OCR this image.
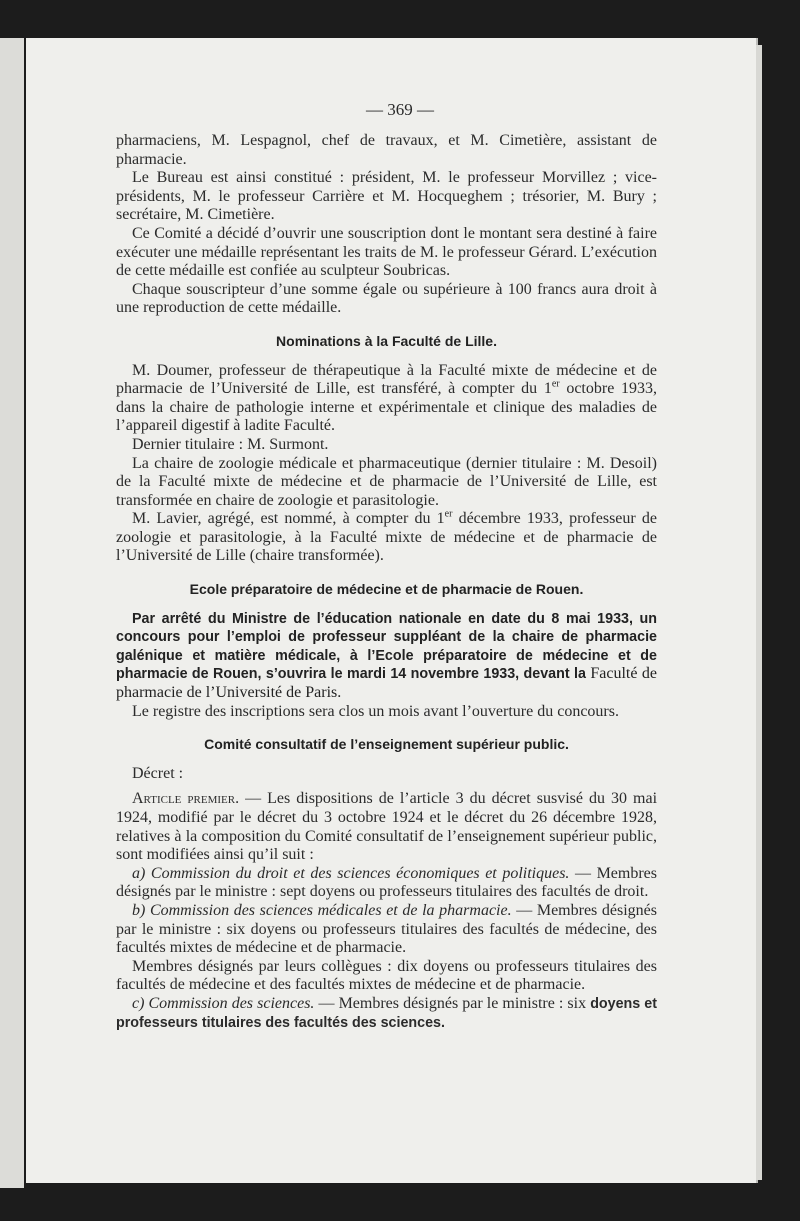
— 369 —

pharmaciens, M. Lespagnol, chef de travaux, et M. Cimetière, assistant de pharmacie.

Le Bureau est ainsi constitué : président, M. le professeur Morvillez ; vice-présidents, M. le professeur Carrière et M. Hocqueghem ; trésorier, M. Bury ; secrétaire, M. Cimetière.

Ce Comité a décidé d’ouvrir une souscription dont le montant sera destiné à faire exécuter une médaille représentant les traits de M. le professeur Gérard. L’exécution de cette médaille est confiée au sculpteur Soubricas.

Chaque souscripteur d’une somme égale ou supérieure à 100 francs aura droit à une reproduction de cette médaille.

Nominations à la Faculté de Lille.

M. Doumer, professeur de thérapeutique à la Faculté mixte de médecine et de pharmacie de l’Université de Lille, est transféré, à compter du 1er octobre 1933, dans la chaire de pathologie interne et expérimentale et clinique des maladies de l’appareil digestif à ladite Faculté.

Dernier titulaire : M. Surmont.

La chaire de zoologie médicale et pharmaceutique (dernier titulaire : M. Desoil) de la Faculté mixte de médecine et de pharmacie de l’Université de Lille, est transformée en chaire de zoologie et parasitologie.

M. Lavier, agrégé, est nommé, à compter du 1er décembre 1933, professeur de zoologie et parasitologie, à la Faculté mixte de médecine et de pharmacie de l’Université de Lille (chaire transformée).

Ecole préparatoire de médecine et de pharmacie de Rouen.

Par arrêté du Ministre de l’éducation nationale en date du 8 mai 1933, un concours pour l’emploi de professeur suppléant de la chaire de pharmacie galénique et matière médicale, à l’Ecole préparatoire de médecine et de pharmacie de Rouen, s’ouvrira le mardi 14 novembre 1933, devant la Faculté de pharmacie de l’Université de Paris.

Le registre des inscriptions sera clos un mois avant l’ouverture du concours.

Comité consultatif de l’enseignement supérieur public.

Décret :

Article premier. — Les dispositions de l’article 3 du décret susvisé du 30 mai 1924, modifié par le décret du 3 octobre 1924 et le décret du 26 décembre 1928, relatives à la composition du Comité consultatif de l’enseignement supérieur public, sont modifiées ainsi qu’il suit :

a) Commission du droit et des sciences économiques et politiques. — Membres désignés par le ministre : sept doyens ou professeurs titulaires des facultés de droit.

b) Commission des sciences médicales et de la pharmacie. — Membres désignés par le ministre : six doyens ou professeurs titulaires des facultés de médecine, des facultés mixtes de médecine et de pharmacie.

Membres désignés par leurs collègues : dix doyens ou professeurs titulaires des facultés de médecine et des facultés mixtes de médecine et de pharmacie.

c) Commission des sciences. — Membres désignés par le ministre : six doyens et professeurs titulaires des facultés des sciences.
